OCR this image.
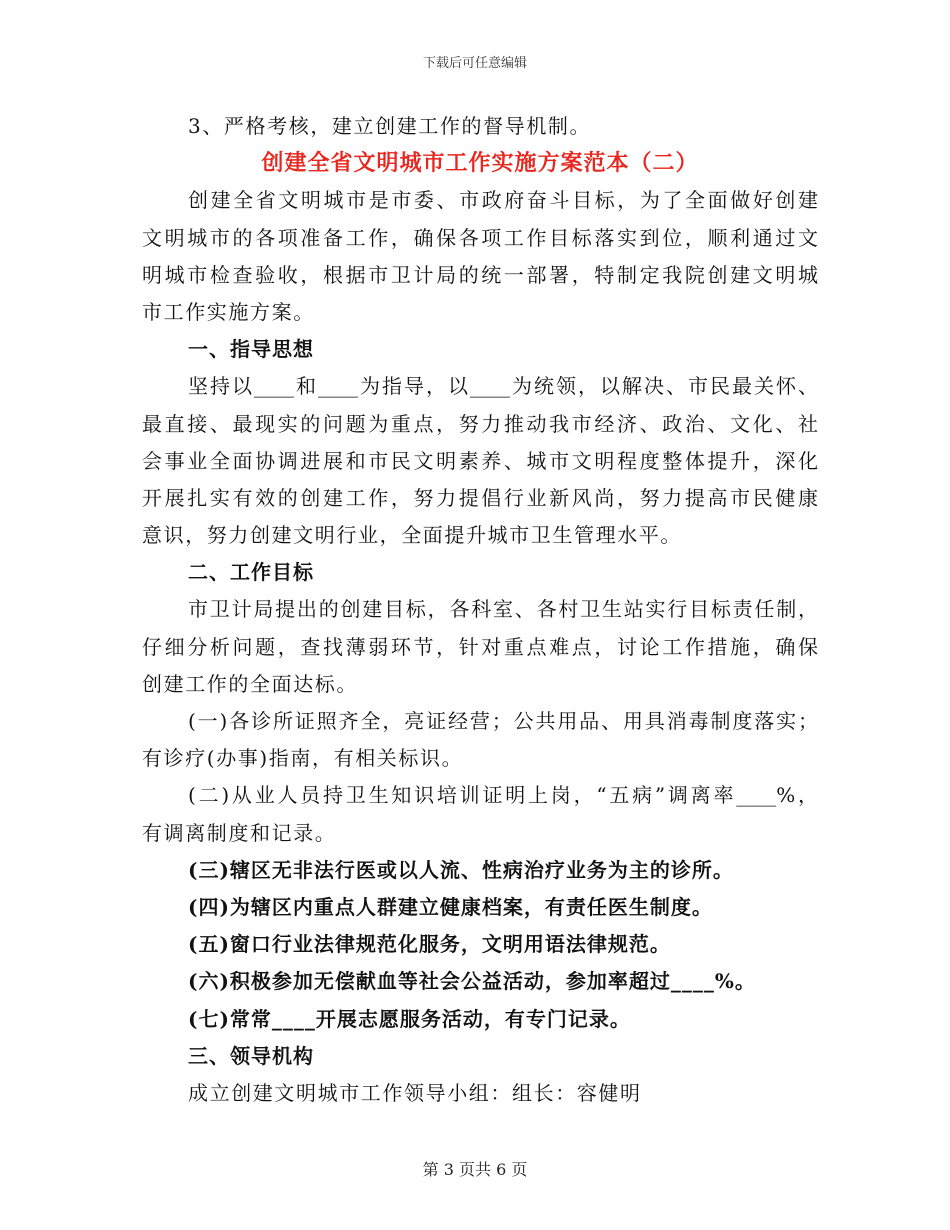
下载后可任意编辑
3、严格考核，建立创建工作的督导机制。
创建全省文明城市工作实施方案范本（二）
创建全省文明城市是市委、市政府奋斗目标，为了全面做好创建
文明城市的各项准备工作，确保各项工作目标落实到位，顺利通过文
明城市检查验收，根据市卫计局的统一部署，特制定我院创建文明城
市工作实施方案。
一、指导思想
坚持以____和____为指导，以____为统领，以解决、市民最关怀、
最直接、最现实的问题为重点，努力推动我市经济、政治、文化、社
会事业全面协调进展和市民文明素养、城市文明程度整体提升，深化
开展扎实有效的创建工作，努力提倡行业新风尚，努力提高市民健康
意识，努力创建文明行业，全面提升城市卫生管理水平。
二、工作目标
市卫计局提出的创建目标，各科室、各村卫生站实行目标责任制，
仔细分析问题，查找薄弱环节，针对重点难点，讨论工作措施，确保
创建工作的全面达标。
(一)各诊所证照齐全，亮证经营；公共用品、用具消毒制度落实；
有诊疗(办事)指南，有相关标识。
(二)从业人员持卫生知识培训证明上岗，“五病”调离率____%，
有调离制度和记录。
(三)辖区无非法行医或以人流、性病治疗业务为主的诊所。
(四)为辖区内重点人群建立健康档案，有责任医生制度。
(五)窗口行业法律规范化服务，文明用语法律规范。
(六)积极参加无偿献血等社会公益活动，参加率超过____%。
(七)常常____开展志愿服务活动，有专门记录。
三、领导机构
成立创建文明城市工作领导小组：组长：容健明
第 3 页共 6 页
